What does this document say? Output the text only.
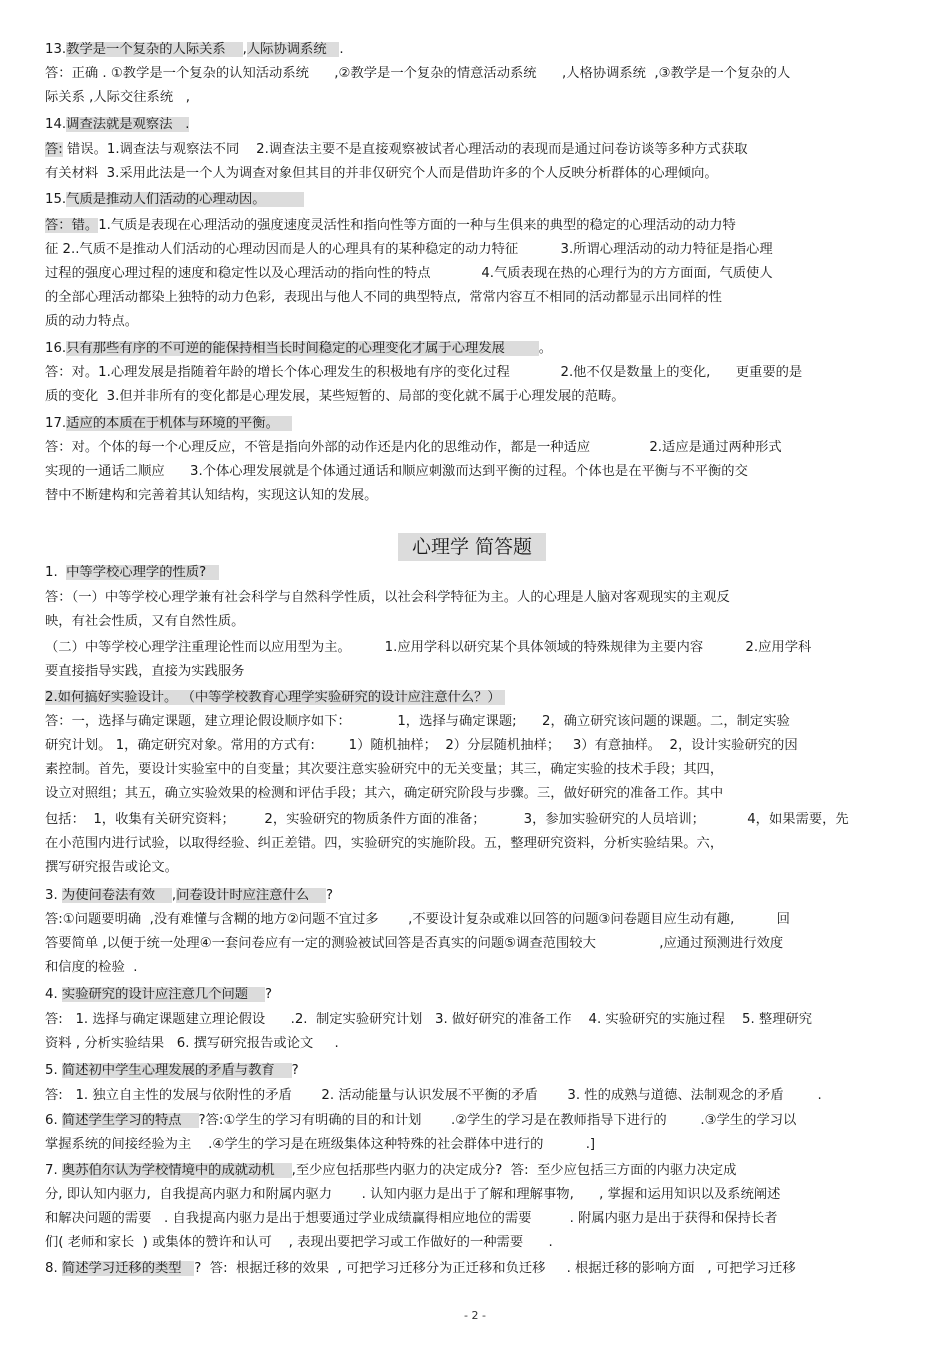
13.教学是一个复杂的人际关系    ,人际协调系统   .
答：正确 . ①教学是一个复杂的认知活动系统      ,②教学是一个复杂的情意活动系统      ,人格协调系统  ,③教学是一个复杂的人
际关系 ,人际交往系统   ,
14.调查法就是观察法   .
答: 错误。1.调查法与观察法不同    2.调查法主要不是直接观察被试者心理活动的表现而是通过问卷访谈等多种方式获取
有关材料  3.采用此法是一个人为调查对象但其目的并非仅研究个人而是借助许多的个人反映分析群体的心理倾向。
15.气质是推动人们活动的心理动因。
答：错。1.气质是表现在心理活动的强度速度灵活性和指向性等方面的一种与生俱来的典型的稳定的心理活动的动力特
征 2..气质不是推动人们活动的心理动因而是人的心理具有的某种稳定的动力特征          3.所谓心理活动的动力特征是指心理
过程的强度心理过程的速度和稳定性以及心理活动的指向性的特点            4.气质表现在热的心理行为的方方面面,  气质使人
的全部心理活动都染上独特的动力色彩,  表现出与他人不同的典型特点,  常常内容互不相同的活动都显示出同样的性
质的动力特点。
16.只有那些有序的不可逆的能保持相当长时间稳定的心理变化才属于心理发展        。
答：对。1.心理发展是指随着年龄的增长个体心理发生的积极地有序的变化过程            2.他不仅是数量上的变化,      更重要的是
质的变化  3.但并非所有的变化都是心理发展，某些短暂的、局部的变化就不属于心理发展的范畴。
17.适应的本质在于机体与环境的平衡。
答：对。个体的每一个心理反应，不管是指向外部的动作还是内化的思维动作，都是一种适应              2.适应是通过两种形式
实现的一通话二顺应      3.个体心理发展就是个体通过通话和顺应刺激而达到平衡的过程。个体也是在平衡与不平衡的交
替中不断建构和完善着其认知结构，实现这认知的发展。
1.  中等学校心理学的性质?
答：（一）中等学校心理学兼有社会科学与自然科学性质，以社会科学特征为主。人的心理是人脑对客观现实的主观反
映，有社会性质，又有自然性质。
（二）中等学校心理学注重理论性而以应用型为主。        1.应用学科以研究某个具体领域的特殊规律为主要内容          2.应用学科
要直接指导实践，直接为实践服务
2.如何搞好实验设计。 （中等学校教育心理学实验研究的设计应注意什么？）
答：一，选择与确定课题，建立理论假设顺序如下：           1，选择与确定课题;      2，确立研究该问题的课题。二，制定实验
研究计划。 1，确定研究对象。常用的方式有:        1）随机抽样；  2）分层随机抽样；   3）有意抽样。  2，设计实验研究的因
素控制。首先，要设计实验室中的自变量；其次要注意实验研究中的无关变量；其三，确定实验的技术手段；其四，
设立对照组；其五，确立实验效果的检测和评估手段；其六，确定研究阶段与步骤。三，做好研究的准备工作。其中
包括：  1，收集有关研究资料；       2，实验研究的物质条件方面的准备；         3，参加实验研究的人员培训；          4，如果需要，先
在小范围内进行试验，以取得经验、纠正差错。四，实验研究的实施阶段。五，整理研究资料，分析实验结果。六，
撰写研究报告或论文。
3. 为使问卷法有效    ,问卷设计时应注意什么    ?
答:①问题要明确  ,没有难懂与含糊的地方②问题不宜过多       ,不要设计复杂或难以回答的问题③问卷题目应生动有趣,          回
答要简单 ,以便于统一处理④一套问卷应有一定的测验被试回答是否真实的问题⑤调查范围较大               ,应通过预测进行效度
和信度的检验  .
4. 实验研究的设计应注意几个问题    ?
答:   1. 选择与确定课题建立理论假设      .2.  制定实验研究计划   3. 做好研究的准备工作    4. 实验研究的实施过程    5. 整理研究
资料 , 分析实验结果   6. 撰写研究报告或论文     .
5. 简述初中学生心理发展的矛盾与教育    ?
答:   1. 独立自主性的发展与依附性的矛盾       2. 活动能量与认识发展不平衡的矛盾       3. 性的成熟与道德、法制观念的矛盾        .
6. 简述学生学习的特点    ?答:①学生的学习有明确的目的和计划       .②学生的学习是在教师指导下进行的        .③学生的学习以
掌握系统的间接经验为主    .④学生的学习是在班级集体这种特殊的社会群体中进行的          .]
7. 奥苏伯尔认为学校情境中的成就动机    ,至少应包括那些内驱力的决定成分?  答:  至少应包括三方面的内驱力决定成
分, 即认知内驱力,  自我提高内驱力和附属内驱力       . 认知内驱力是出于了解和理解事物,      , 掌握和运用知识以及系统阐述
和解决问题的需要   . 自我提高内驱力是出于想要通过学业成绩赢得相应地位的需要         . 附属内驱力是出于获得和保持长者
们( 老师和家长  ) 或集体的赞许和认可    , 表现出要把学习或工作做好的一种需要      .
8. 简述学习迁移的类型   ?  答:  根据迁移的效果  , 可把学习迁移分为正迁移和负迁移     . 根据迁移的影响方面   , 可把学习迁移
心理学 简答题
- 2 -
